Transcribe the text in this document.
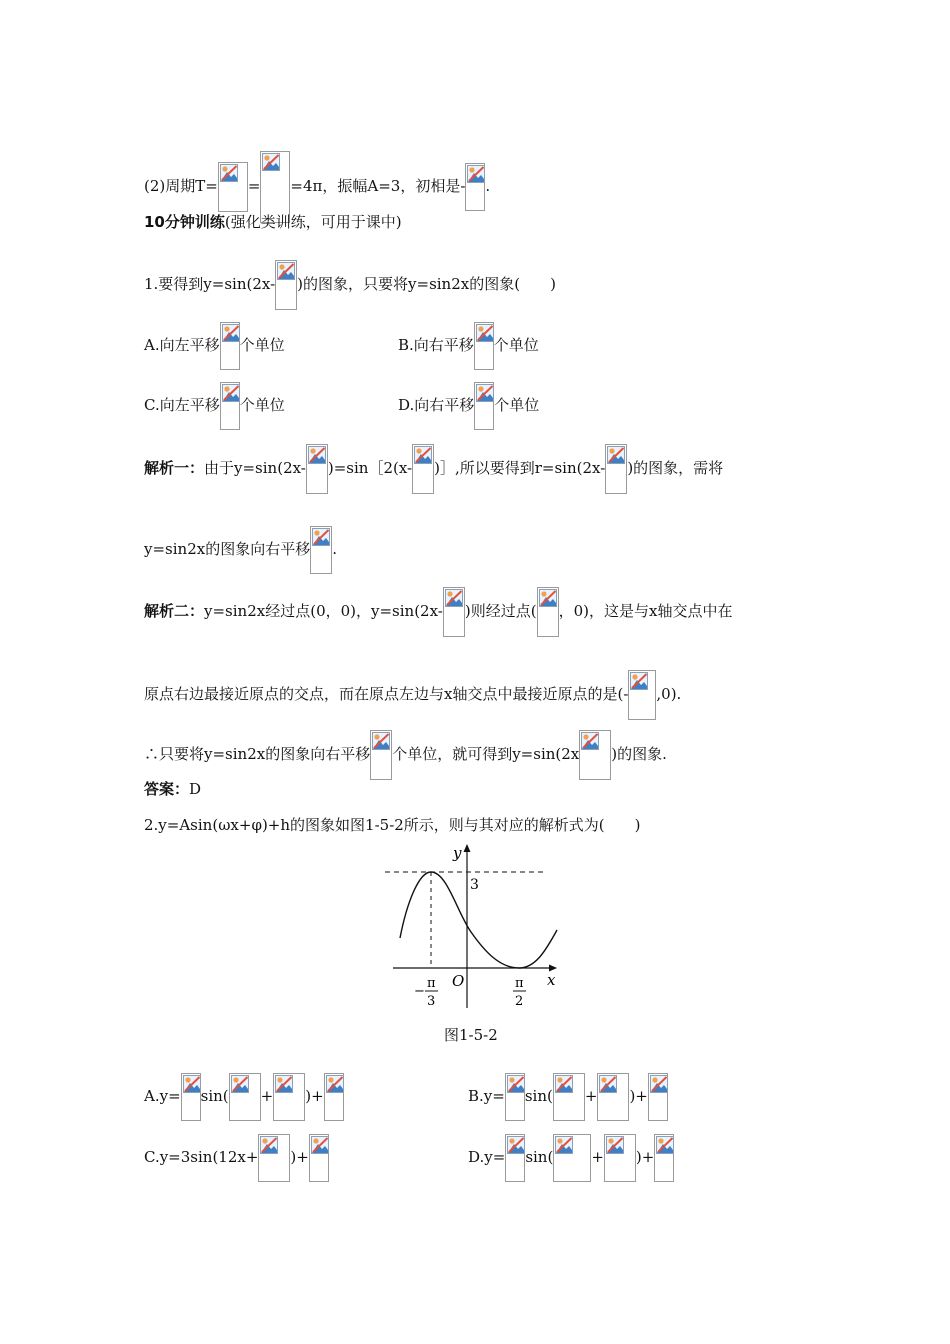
(2)周期T= = =4π，振幅A=3，初相是- .
10分钟训练(强化类训练，可用于课中)
1.要得到y=sin(2x- )的图象，只要将y=sin2x的图象(　　)
A.向左平移 个单位	B.向右平移 个单位
C.向左平移 个单位	D.向右平移 个单位
解析一：由于y=sin(2x- )=sin［2(x- )］,所以要得到r=sin(2x- )的图象，需将
y=sin2x的图象向右平移 .
解析二：y=sin2x经过点(0，0)，y=sin(2x- )则经过点( ，0)，这是与x轴交点中在
原点右边最接近原点的交点，而在原点左边与x轴交点中最接近原点的是(- ,0).
∴只要将y=sin2x的图象向右平移 个单位，就可得到y=sin(2x )的图象.
答案：D
2.y=Asin(ωx+φ)+h的图象如图1-5-2所示，则与其对应的解析式为(　　)
y
x
3
O
−
π
3
π
2
图1-5-2
A.y= sin( + )+	B.y= sin( + )+
C.y=3sin(12x+ )+	D.y= sin(	+ )+
